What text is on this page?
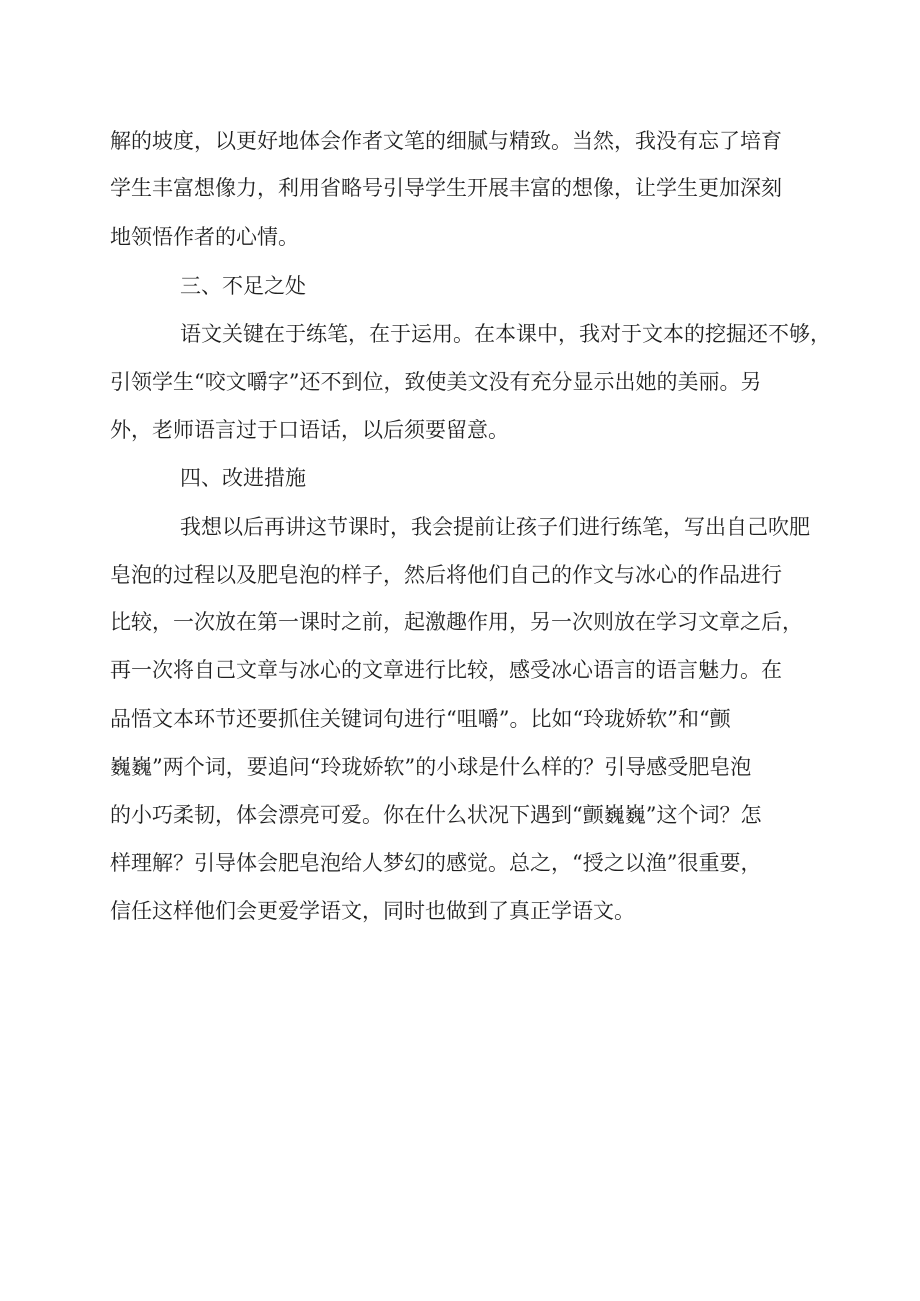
解的坡度，以更好地体会作者文笔的细腻与精致。当然，我没有忘了培育
学生丰富想像力，利用省略号引导学生开展丰富的想像，让学生更加深刻
地领悟作者的心情。
三、不足之处
语文关键在于练笔，在于运用。在本课中，我对于文本的挖掘还不够，
引领学生“咬文嚼字”还不到位，致使美文没有充分显示出她的美丽。另
外，老师语言过于口语话，以后须要留意。
四、改进措施
我想以后再讲这节课时，我会提前让孩子们进行练笔，写出自己吹肥
皂泡的过程以及肥皂泡的样子，然后将他们自己的作文与冰心的作品进行
比较，一次放在第一课时之前，起激趣作用，另一次则放在学习文章之后，
再一次将自己文章与冰心的文章进行比较，感受冰心语言的语言魅力。在
品悟文本环节还要抓住关键词句进行“咀嚼”。比如“玲珑娇软”和“颤
巍巍”两个词，要追问“玲珑娇软”的小球是什么样的？引导感受肥皂泡
的小巧柔韧，体会漂亮可爱。你在什么状况下遇到“颤巍巍”这个词？怎
样理解？引导体会肥皂泡给人梦幻的感觉。总之，“授之以渔”很重要，
信任这样他们会更爱学语文，同时也做到了真正学语文。
